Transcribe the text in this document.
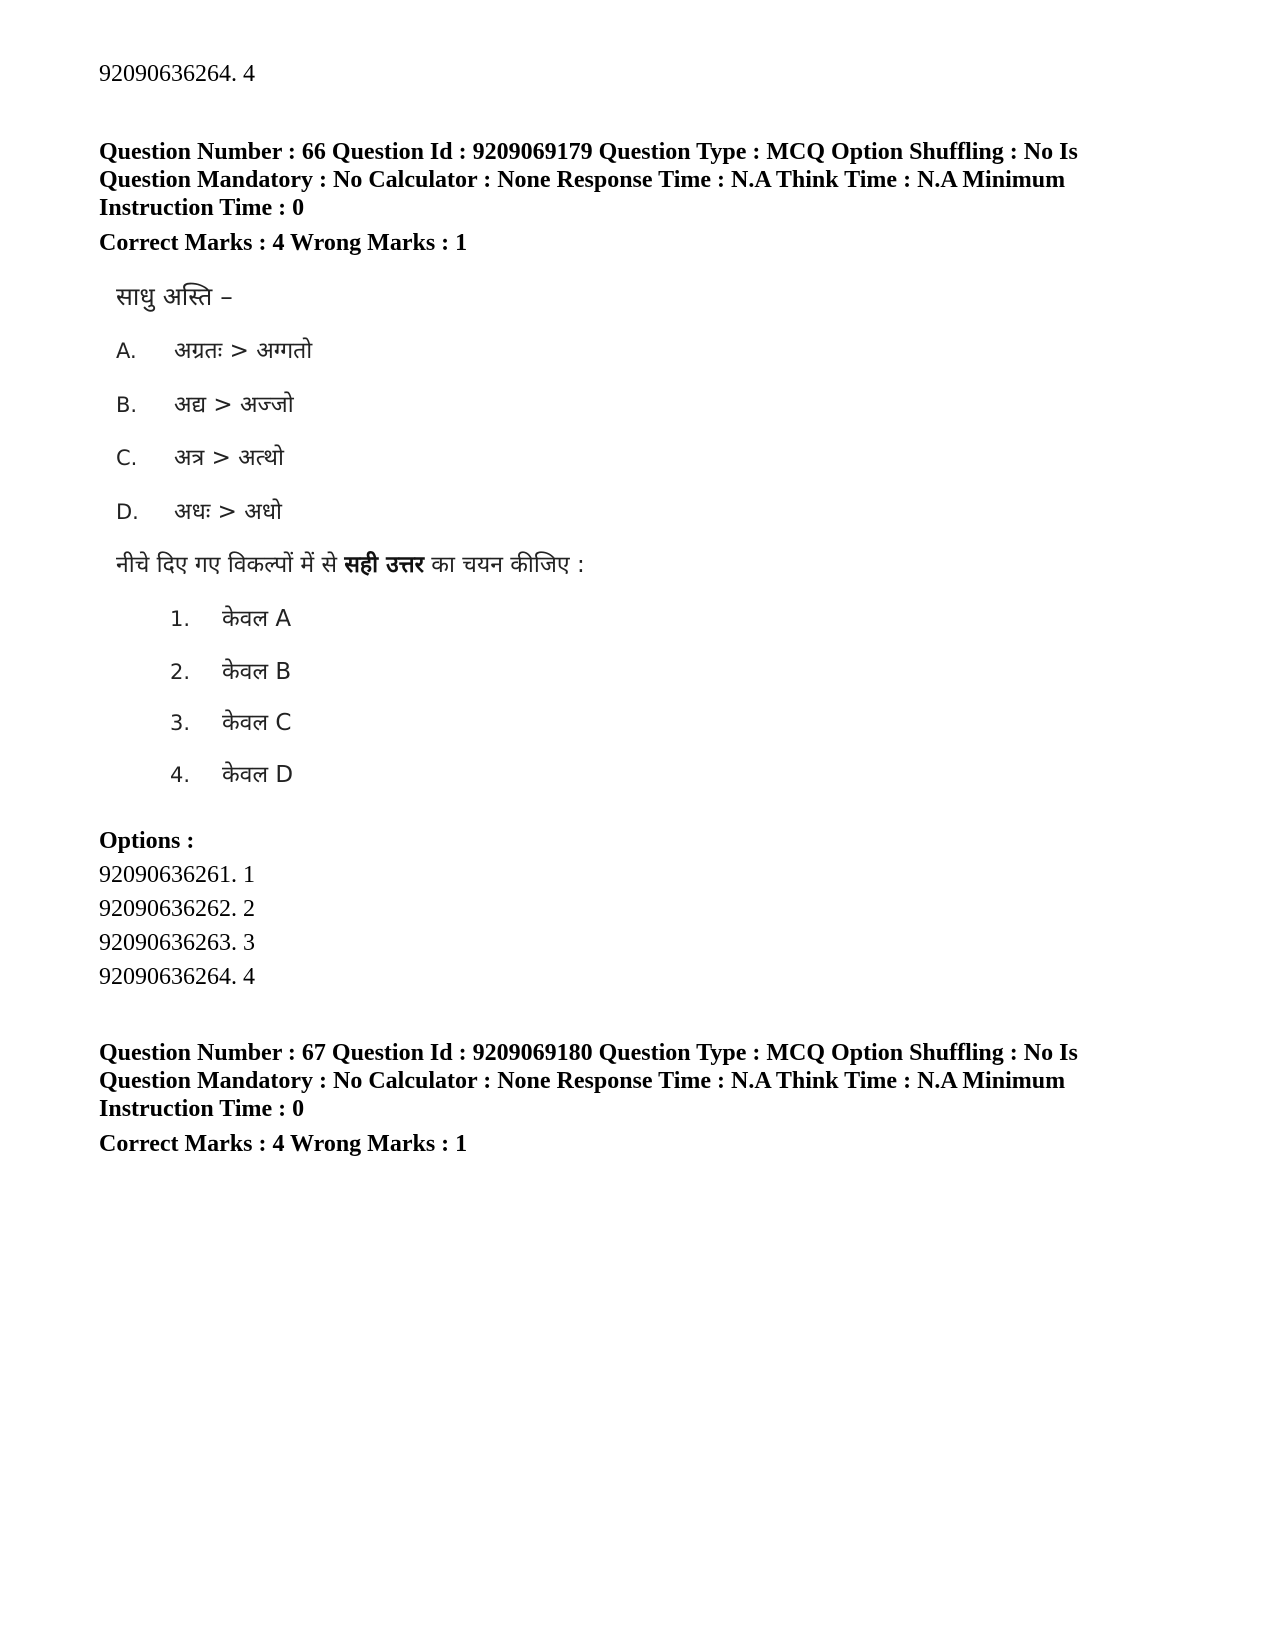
92090636264. 4
Question Number : 66 Question Id : 9209069179 Question Type : MCQ Option Shuffling : No Is
Question Mandatory : No Calculator : None Response Time : N.A Think Time : N.A Minimum
Instruction Time : 0
Correct Marks : 4 Wrong Marks : 1
साधु अस्ति –
A. अग्रतः > अग्गतो
B. अद्य > अज्जो
C. अत्र > अत्थो
D. अधः > अधो
नीचे दिए गए विकल्पों में से सही उत्तर का चयन कीजिए :
1. केवल A
2. केवल B
3. केवल C
4. केवल D
Options :
92090636261. 1
92090636262. 2
92090636263. 3
92090636264. 4
Question Number : 67 Question Id : 9209069180 Question Type : MCQ Option Shuffling : No Is
Question Mandatory : No Calculator : None Response Time : N.A Think Time : N.A Minimum
Instruction Time : 0
Correct Marks : 4 Wrong Marks : 1
